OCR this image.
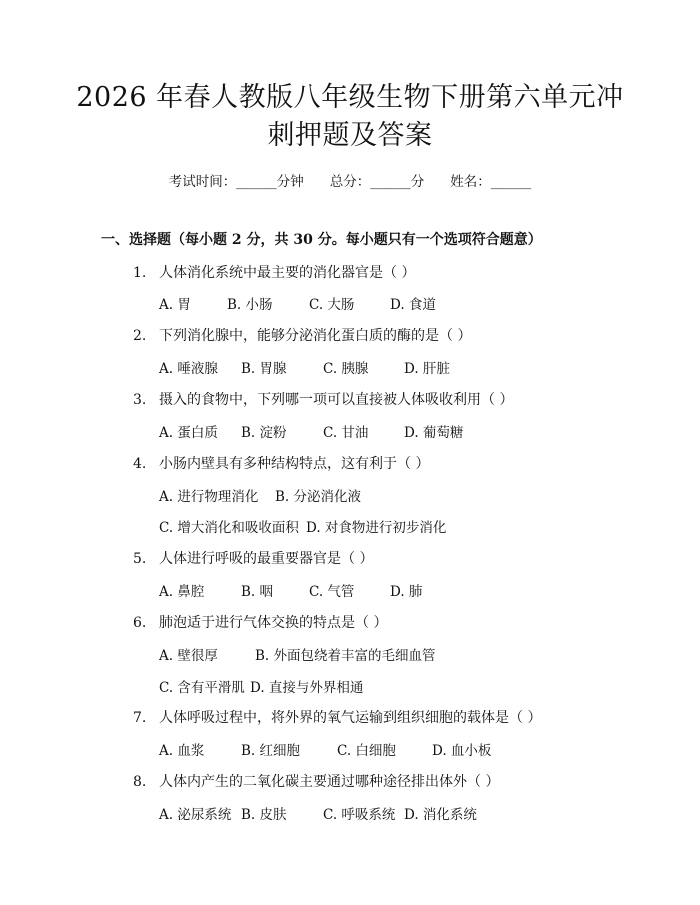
2026 年春人教版八年级生物下册第六单元冲
刺押题及答案
考试时间：______分钟 总分：______分 姓名：______
一、选择题（每小题 2 分，共 30 分。每小题只有一个选项符合题意）
1. 人体消化系统中最主要的消化器官是（ ）
A. 胃	B. 小肠	C. 大肠	D. 食道
2. 下列消化腺中，能够分泌消化蛋白质的酶的是（ ）
A. 唾液腺 B. 胃腺	C. 胰腺	D. 肝脏
3. 摄入的食物中，下列哪一项可以直接被人体吸收利用（ ）
A. 蛋白质 B. 淀粉	C. 甘油	D. 葡萄糖
4. 小肠内壁具有多种结构特点，这有利于（ ）
A. 进行物理消化 B. 分泌消化液
C. 增大消化和吸收面积 D. 对食物进行初步消化
5. 人体进行呼吸的最重要器官是（ ）
A. 鼻腔	B. 咽	C. 气管	D. 肺
6. 肺泡适于进行气体交换的特点是（ ）
A. 壁很厚	B. 外面包绕着丰富的毛细血管
C. 含有平滑肌 D. 直接与外界相通
7. 人体呼吸过程中，将外界的氧气运输到组织细胞的载体是（ ）
A. 血浆	B. 红细胞	C. 白细胞	D. 血小板
8. 人体内产生的二氧化碳主要通过哪种途径排出体外（ ）
A. 泌尿系统 B. 皮肤	C. 呼吸系统 D. 消化系统
